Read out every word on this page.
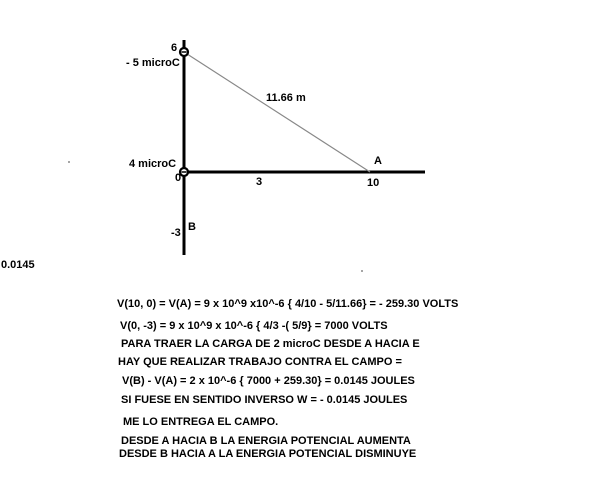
6
- 5 microC
11.66 m
4 microC
0
A
3	10
B
-3
0.0145
V(10, 0) = V(A) = 9 x 10^9 x10^-6 { 4/10 - 5/11.66} = - 259.30 VOLTS
V(0, -3) = 9 x 10^9 x 10^-6 { 4/3 -( 5/9} = 7000 VOLTS
PARA TRAER LA CARGA DE 2 microC DESDE A HACIA E
HAY QUE REALIZAR TRABAJO CONTRA EL CAMPO =
V(B) - V(A) = 2 x 10^-6 { 7000 + 259.30} = 0.0145 JOULES
SI FUESE EN SENTIDO INVERSO W = - 0.0145 JOULES
ME LO ENTREGA EL CAMPO.
DESDE A HACIA B LA ENERGIA POTENCIAL AUMENTA
DESDE B HACIA A LA ENERGIA POTENCIAL DISMINUYE
